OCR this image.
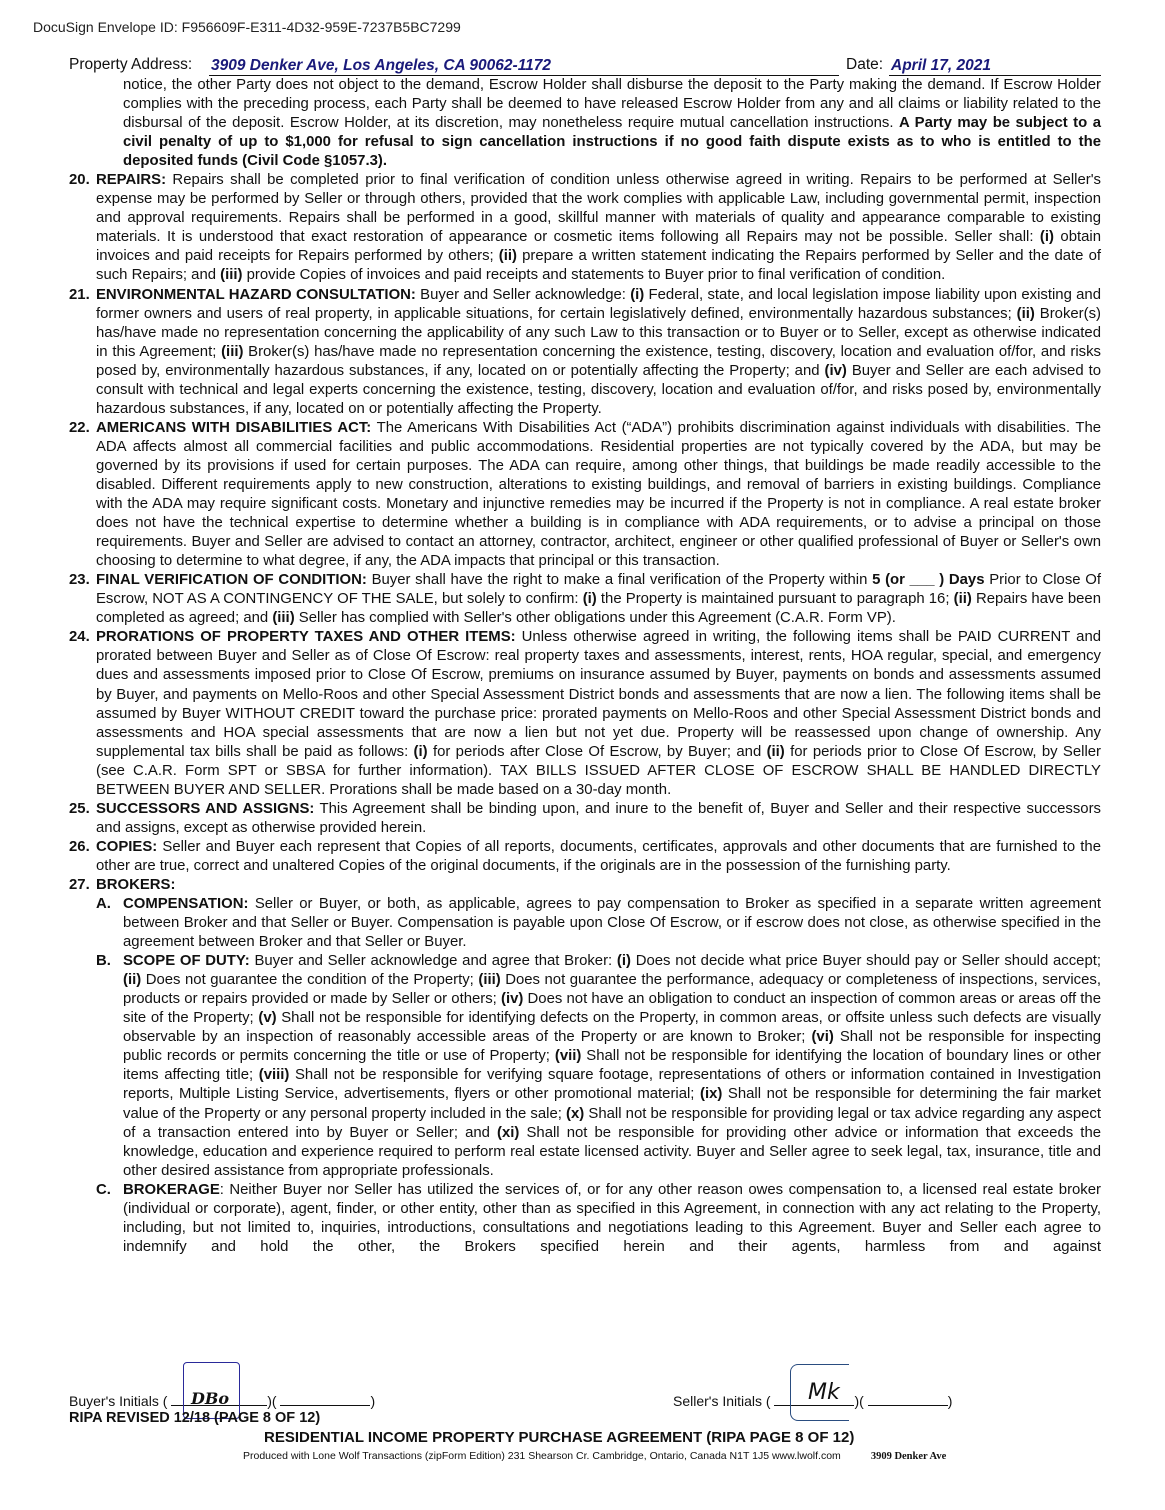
DocuSign Envelope ID: F956609F-E311-4D32-959E-7237B5BC7299
Property Address: 3909 Denker Ave, Los Angeles, CA 90062-1172	Date: April 17, 2021

notice, the other Party does not object to the demand, Escrow Holder shall disburse the deposit to the Party making the demand. If Escrow Holder complies with the preceding process, each Party shall be deemed to have released Escrow Holder from any and all claims or liability related to the disbursal of the deposit. Escrow Holder, at its discretion, may nonetheless require mutual cancellation instructions. A Party may be subject to a civil penalty of up to $1,000 for refusal to sign cancellation instructions if no good faith dispute exists as to who is entitled to the deposited funds (Civil Code §1057.3).

20. REPAIRS: Repairs shall be completed prior to final verification of condition unless otherwise agreed in writing. Repairs to be performed at Seller's expense may be performed by Seller or through others, provided that the work complies with applicable Law, including governmental permit, inspection and approval requirements. Repairs shall be performed in a good, skillful manner with materials of quality and appearance comparable to existing materials. It is understood that exact restoration of appearance or cosmetic items following all Repairs may not be possible. Seller shall: (i) obtain invoices and paid receipts for Repairs performed by others; (ii) prepare a written statement indicating the Repairs performed by Seller and the date of such Repairs; and (iii) provide Copies of invoices and paid receipts and statements to Buyer prior to final verification of condition.

21. ENVIRONMENTAL HAZARD CONSULTATION: Buyer and Seller acknowledge: (i) Federal, state, and local legislation impose liability upon existing and former owners and users of real property, in applicable situations, for certain legislatively defined, environmentally hazardous substances; (ii) Broker(s) has/have made no representation concerning the applicability of any such Law to this transaction or to Buyer or to Seller, except as otherwise indicated in this Agreement; (iii) Broker(s) has/have made no representation concerning the existence, testing, discovery, location and evaluation of/for, and risks posed by, environmentally hazardous substances, if any, located on or potentially affecting the Property; and (iv) Buyer and Seller are each advised to consult with technical and legal experts concerning the existence, testing, discovery, location and evaluation of/for, and risks posed by, environmentally hazardous substances, if any, located on or potentially affecting the Property.

22. AMERICANS WITH DISABILITIES ACT: The Americans With Disabilities Act (“ADA”) prohibits discrimination against individuals with disabilities. The ADA affects almost all commercial facilities and public accommodations. Residential properties are not typically covered by the ADA, but may be governed by its provisions if used for certain purposes. The ADA can require, among other things, that buildings be made readily accessible to the disabled. Different requirements apply to new construction, alterations to existing buildings, and removal of barriers in existing buildings. Compliance with the ADA may require significant costs. Monetary and injunctive remedies may be incurred if the Property is not in compliance. A real estate broker does not have the technical expertise to determine whether a building is in compliance with ADA requirements, or to advise a principal on those requirements. Buyer and Seller are advised to contact an attorney, contractor, architect, engineer or other qualified professional of Buyer or Seller's own choosing to determine to what degree, if any, the ADA impacts that principal or this transaction.

23. FINAL VERIFICATION OF CONDITION: Buyer shall have the right to make a final verification of the Property within 5 (or ___ ) Days Prior to Close Of Escrow, NOT AS A CONTINGENCY OF THE SALE, but solely to confirm: (i) the Property is maintained pursuant to paragraph 16; (ii) Repairs have been completed as agreed; and (iii) Seller has complied with Seller's other obligations under this Agreement (C.A.R. Form VP).

24. PRORATIONS OF PROPERTY TAXES AND OTHER ITEMS: Unless otherwise agreed in writing, the following items shall be PAID CURRENT and prorated between Buyer and Seller as of Close Of Escrow: real property taxes and assessments, interest, rents, HOA regular, special, and emergency dues and assessments imposed prior to Close Of Escrow, premiums on insurance assumed by Buyer, payments on bonds and assessments assumed by Buyer, and payments on Mello-Roos and other Special Assessment District bonds and assessments that are now a lien. The following items shall be assumed by Buyer WITHOUT CREDIT toward the purchase price: prorated payments on Mello-Roos and other Special Assessment District bonds and assessments and HOA special assessments that are now a lien but not yet due. Property will be reassessed upon change of ownership. Any supplemental tax bills shall be paid as follows: (i) for periods after Close Of Escrow, by Buyer; and (ii) for periods prior to Close Of Escrow, by Seller (see C.A.R. Form SPT or SBSA for further information). TAX BILLS ISSUED AFTER CLOSE OF ESCROW SHALL BE HANDLED DIRECTLY BETWEEN BUYER AND SELLER. Prorations shall be made based on a 30-day month.

25. SUCCESSORS AND ASSIGNS: This Agreement shall be binding upon, and inure to the benefit of, Buyer and Seller and their respective successors and assigns, except as otherwise provided herein.

26. COPIES: Seller and Buyer each represent that Copies of all reports, documents, certificates, approvals and other documents that are furnished to the other are true, correct and unaltered Copies of the original documents, if the originals are in the possession of the furnishing party.

27. BROKERS:

A. COMPENSATION: Seller or Buyer, or both, as applicable, agrees to pay compensation to Broker as specified in a separate written agreement between Broker and that Seller or Buyer. Compensation is payable upon Close Of Escrow, or if escrow does not close, as otherwise specified in the agreement between Broker and that Seller or Buyer.

B. SCOPE OF DUTY: Buyer and Seller acknowledge and agree that Broker: (i) Does not decide what price Buyer should pay or Seller should accept; (ii) Does not guarantee the condition of the Property; (iii) Does not guarantee the performance, adequacy or completeness of inspections, services, products or repairs provided or made by Seller or others; (iv) Does not have an obligation to conduct an inspection of common areas or areas off the site of the Property; (v) Shall not be responsible for identifying defects on the Property, in common areas, or offsite unless such defects are visually observable by an inspection of reasonably accessible areas of the Property or are known to Broker; (vi) Shall not be responsible for inspecting public records or permits concerning the title or use of Property; (vii) Shall not be responsible for identifying the location of boundary lines or other items affecting title; (viii) Shall not be responsible for verifying square footage, representations of others or information contained in Investigation reports, Multiple Listing Service, advertisements, flyers or other promotional material; (ix) Shall not be responsible for determining the fair market value of the Property or any personal property included in the sale; (x) Shall not be responsible for providing legal or tax advice regarding any aspect of a transaction entered into by Buyer or Seller; and (xi) Shall not be responsible for providing other advice or information that exceeds the knowledge, education and experience required to perform real estate licensed activity. Buyer and Seller agree to seek legal, tax, insurance, title and other desired assistance from appropriate professionals.

C. BROKERAGE: Neither Buyer nor Seller has utilized the services of, or for any other reason owes compensation to, a licensed real estate broker (individual or corporate), agent, finder, or other entity, other than as specified in this Agreement, in connection with any act relating to the Property, including, but not limited to, inquiries, introductions, consultations and negotiations leading to this Agreement. Buyer and Seller each agree to indemnify and hold the other, the Brokers specified herein and their agents, harmless from and against

Buyer's Initials (	)(	)
DBo	Seller's Initials (	)(	)
Mk
RIPA REVISED 12/18 (PAGE 8 OF 12)
RESIDENTIAL INCOME PROPERTY PURCHASE AGREEMENT (RIPA PAGE 8 OF 12)
Produced with Lone Wolf Transactions (zipForm Edition) 231 Shearson Cr. Cambridge, Ontario, Canada N1T 1J5 www.lwolf.com	3909 Denker Ave
